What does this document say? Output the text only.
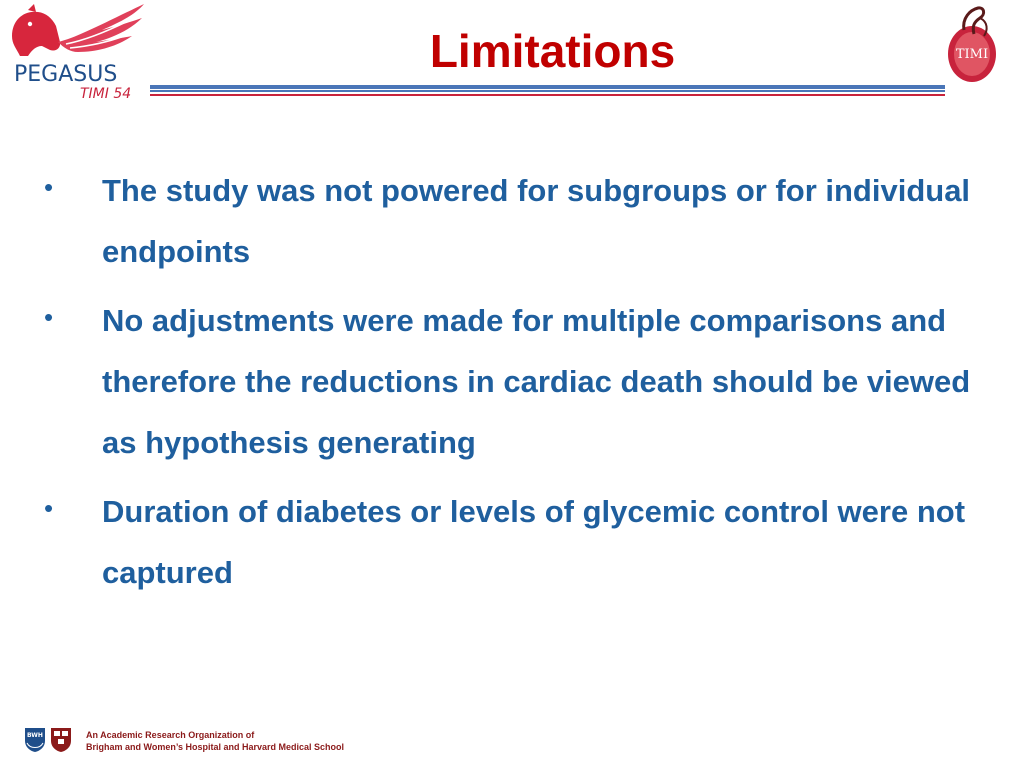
PEGASUS
TIMI 54
Limitations	TIMI
• The study was not powered for subgroups or for individual endpoints
• No adjustments were made for multiple comparisons and therefore the reductions in cardiac death should be viewed as hypothesis generating
• Duration of diabetes or levels of glycemic control were not captured
BWH	An Academic Research Organization of
Brigham and Women’s Hospital and Harvard Medical School
